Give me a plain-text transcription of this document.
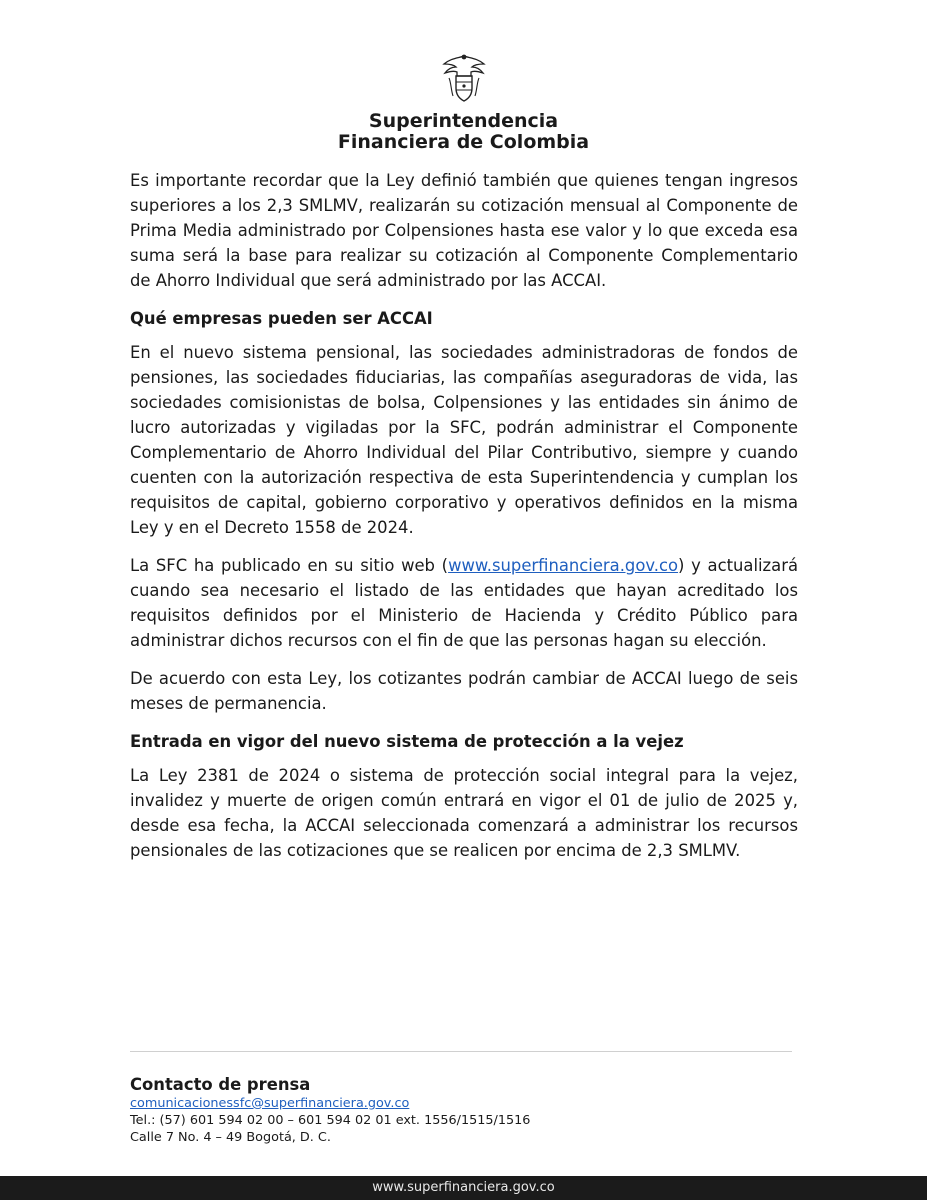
Superintendencia
Financiera de Colombia

Es importante recordar que la Ley definió también que quienes tengan ingresos superiores a los 2,3 SMLMV, realizarán su cotización mensual al Componente de Prima Media administrado por Colpensiones hasta ese valor y lo que exceda esa suma será la base para realizar su cotización al Componente Complementario de Ahorro Individual que será administrado por las ACCAI.

Qué empresas pueden ser ACCAI

En el nuevo sistema pensional, las sociedades administradoras de fondos de pensiones, las sociedades fiduciarias, las compañías aseguradoras de vida, las sociedades comisionistas de bolsa, Colpensiones y las entidades sin ánimo de lucro autorizadas y vigiladas por la SFC, podrán administrar el Componente Complementario de Ahorro Individual del Pilar Contributivo, siempre y cuando cuenten con la autorización respectiva de esta Superintendencia y cumplan los requisitos de capital, gobierno corporativo y operativos definidos en la misma Ley y en el Decreto 1558 de 2024.

La SFC ha publicado en su sitio web (www.superfinanciera.gov.co) y actualizará cuando sea necesario el listado de las entidades que hayan acreditado los requisitos definidos por el Ministerio de Hacienda y Crédito Público para administrar dichos recursos con el fin de que las personas hagan su elección.

De acuerdo con esta Ley, los cotizantes podrán cambiar de ACCAI luego de seis meses de permanencia.

Entrada en vigor del nuevo sistema de protección a la vejez

La Ley 2381 de 2024 o sistema de protección social integral para la vejez, invalidez y muerte de origen común entrará en vigor el 01 de julio de 2025 y, desde esa fecha, la ACCAI seleccionada comenzará a administrar los recursos pensionales de las cotizaciones que se realicen por encima de 2,3 SMLMV.

Contacto de prensa
comunicacionessfc@superfinanciera.gov.co
Tel.: (57) 601 594 02 00 – 601 594 02 01 ext. 1556/1515/1516
Calle 7 No. 4 – 49 Bogotá, D. C.
www.superfinanciera.gov.co
